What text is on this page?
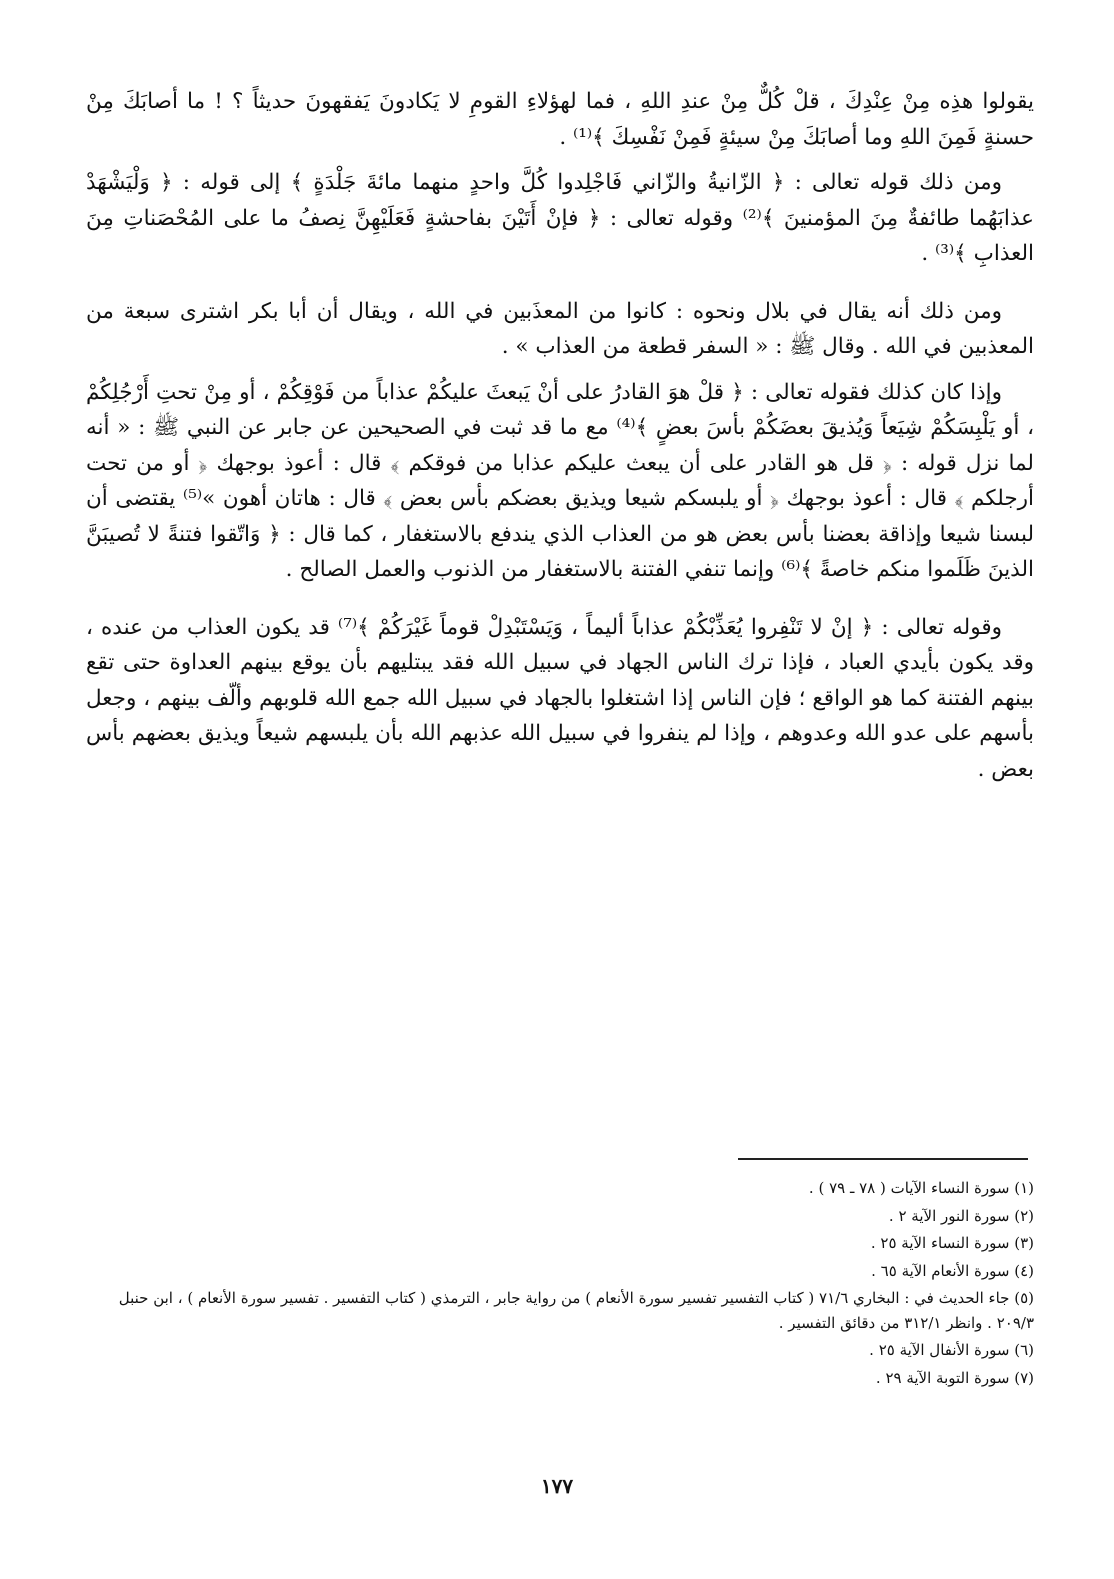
يقولوا هذِه مِنْ عِنْدِكَ ، قلْ كُلٌّ مِنْ عندِ اللهِ ، فما لهؤلاءِ القومِ لا يَكادونَ يَفقهونَ حديثاً ؟ ! ما أصابَكَ مِنْ حسنةٍ فَمِنَ اللهِ وما أصابَكَ مِنْ سيئةٍ فَمِنْ نَفْسِكَ ﴾⁽¹⁾ .

ومن ذلك قوله تعالى : ﴿ الزّانيةُ والزّاني فَاجْلِدوا كُلَّ واحدٍ منهما مائةَ جَلْدَةٍ ﴾ إلى قوله : ﴿ وَلْيَشْهَدْ عذابَهُما طائفةٌ مِنَ المؤمنينَ ﴾⁽²⁾ وقوله تعالى : ﴿ فإنْ أَتَيْنَ بفاحشةٍ فَعَلَيْهِنَّ نِصفُ ما على المُحْصَناتِ مِنَ العذابِ ﴾⁽³⁾ .

ومن ذلك أنه يقال في بلال ونحوه : كانوا من المعذَبين في الله ، ويقال أن أبا بكر اشترى سبعة من المعذبين في الله . وقال ﷺ : « السفر قطعة من العذاب » .

وإذا كان كذلك فقوله تعالى : ﴿ قلْ هوَ القادرُ على أنْ يَبعثَ عليكُمْ عذاباً من فَوْقِكُمْ ، أو مِنْ تحتِ أَرْجُلِكُمْ ، أو يَلْبِسَكُمْ شِيَعاً وَيُذيقَ بعضَكُمْ بأسَ بعضٍ ﴾⁽⁴⁾ مع ما قد ثبت في الصحيحين عن جابر عن النبي ﷺ : « أنه لما نزل قوله : ﴿ قل هو القادر على أن يبعث عليكم عذابا من فوقكم ﴾ قال : أعوذ بوجهك ﴿ أو من تحت أرجلكم ﴾ قال : أعوذ بوجهك ﴿ أو يلبسكم شيعا ويذيق بعضكم بأس بعض ﴾ قال : هاتان أهون »⁽⁵⁾ يقتضى أن لبسنا شيعا وإذاقة بعضنا بأس بعض هو من العذاب الذي يندفع بالاستغفار ، كما قال : ﴿ وَاتّقوا فتنةً لا تُصيبَنَّ الذينَ ظَلَموا منكم خاصةً ﴾⁽⁶⁾ وإنما تنفي الفتنة بالاستغفار من الذنوب والعمل الصالح .

وقوله تعالى : ﴿ إنْ لا تَنْفِروا يُعَذِّبْكُمْ عذاباً أليماً ، وَيَسْتَبْدِلْ قوماً غَيْرَكُمْ ﴾⁽⁷⁾ قد يكون العذاب من عنده ، وقد يكون بأيدي العباد ، فإذا ترك الناس الجهاد في سبيل الله فقد يبتليهم بأن يوقع بينهم العداوة حتى تقع بينهم الفتنة كما هو الواقع ؛ فإن الناس إذا اشتغلوا بالجهاد في سبيل الله جمع الله قلوبهم وألّف بينهم ، وجعل بأسهم على عدو الله وعدوهم ، وإذا لم ينفروا في سبيل الله عذبهم الله بأن يلبسهم شيعاً ويذيق بعضهم بأس بعض .

(١) سورة النساء الآيات ( ٧٨ ـ ٧٩ ) .

(٢) سورة النور الآية ٢ .

(٣) سورة النساء الآية ٢٥ .

(٤) سورة الأنعام الآية ٦٥ .

(٥) جاء الحديث في : البخاري ٧١/٦ ( كتاب التفسير تفسير سورة الأنعام ) من رواية جابر ، الترمذي ( كتاب التفسير . تفسير سورة الأنعام ) ، ابن حنبل ٢٠٩/٣ . وانظر ٣١٢/١ من دقائق التفسير .

(٦) سورة الأنفال الآية ٢٥ .

(٧) سورة التوبة الآية ٢٩ .

١٧٧
